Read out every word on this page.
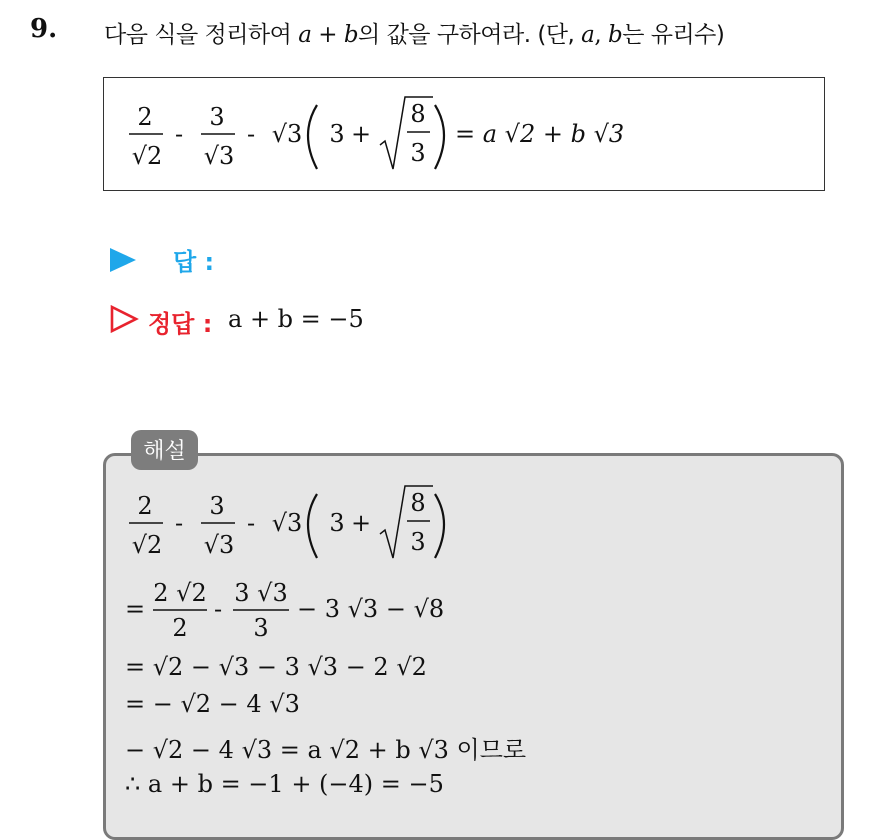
9. 다음 식을 정리하여 a + b의 값을 구하여라. (단, a, b는 유리수)
2
√2
-
3
√3
- √3 3 +
8
3
= a √2 + b √3
답 :
정답 : a + b = −5
해설
2
√2
-
3
√3
- √3 3 +
8
3
=
2 √2
2
-
3 √3
3
− 3 √3 − √8
= √2 − √3 − 3 √3 − 2 √2
= − √2 − 4 √3
− √2 − 4 √3 = a √2 + b √3 이므로
∴ a + b = −1 + (−4) = −5
